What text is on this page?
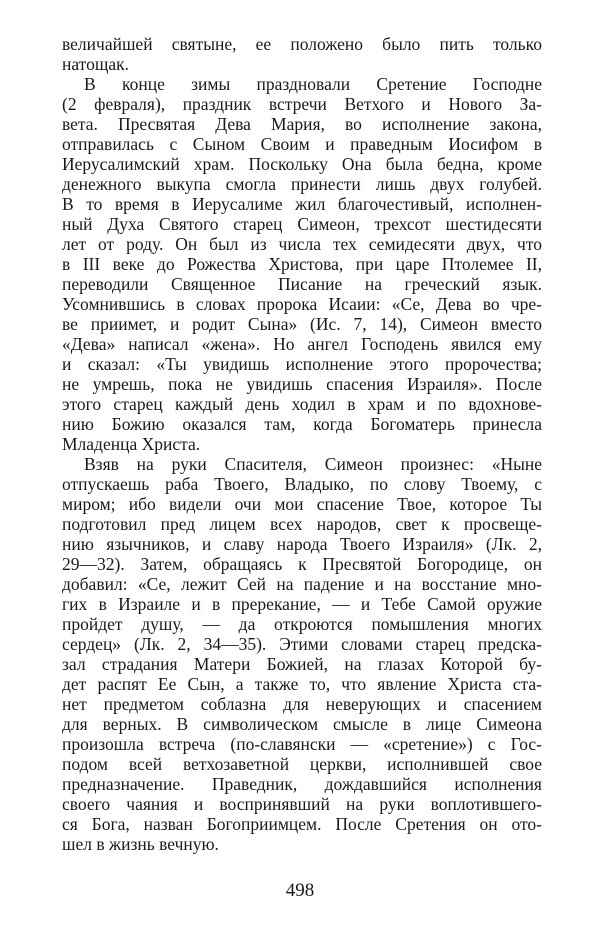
величайшей святыне, ее положено было пить только
натощак.
В конце зимы праздновали Сретение Господне
(2 февраля), праздник встречи Ветхого и Нового За-
вета. Пресвятая Дева Мария, во исполнение закона,
отправилась с Сыном Своим и праведным Иосифом в
Иерусалимский храм. Поскольку Она была бедна, кроме
денежного выкупа смогла принести лишь двух голубей.
В то время в Иерусалиме жил благочестивый, исполнен-
ный Духа Святого старец Симеон, трехсот шестидесяти
лет от роду. Он был из числа тех семидесяти двух, что
в III веке до Рожества Христова, при царе Птолемее II,
переводили Священное Писание на греческий язык.
Усомнившись в словах пророка Исаии: «Се, Дева во чре-
ве приимет, и родит Сына» (Ис. 7, 14), Симеон вместо
«Дева» написал «жена». Но ангел Господень явился ему
и сказал: «Ты увидишь исполнение этого пророчества;
не умрешь, пока не увидишь спасения Израиля». После
этого старец каждый день ходил в храм и по вдохнове-
нию Божию оказался там, когда Богоматерь принесла
Младенца Христа.
Взяв на руки Спасителя, Симеон произнес: «Ныне
отпускаешь раба Твоего, Владыко, по слову Твоему, с
миром; ибо видели очи мои спасение Твое, которое Ты
подготовил пред лицем всех народов, свет к просвеще-
нию язычников, и славу народа Твоего Израиля» (Лк. 2,
29—32). Затем, обращаясь к Пресвятой Богородице, он
добавил: «Се, лежит Сей на падение и на восстание мно-
гих в Израиле и в пререкание, — и Тебе Самой оружие
пройдет душу, — да откроются помышления многих
сердец» (Лк. 2, 34—35). Этими словами старец предска-
зал страдания Матери Божией, на глазах Которой бу-
дет распят Ее Сын, а также то, что явление Христа ста-
нет предметом соблазна для неверующих и спасением
для верных. В символическом смысле в лице Симеона
произошла встреча (по-славянски — «сретение») с Гос-
подом всей ветхозаветной церкви, исполнившей свое
предназначение. Праведник, дождавшийся исполнения
своего чаяния и воспринявший на руки воплотившего-
ся Бога, назван Богоприимцем. После Сретения он ото-
шел в жизнь вечную.
498
